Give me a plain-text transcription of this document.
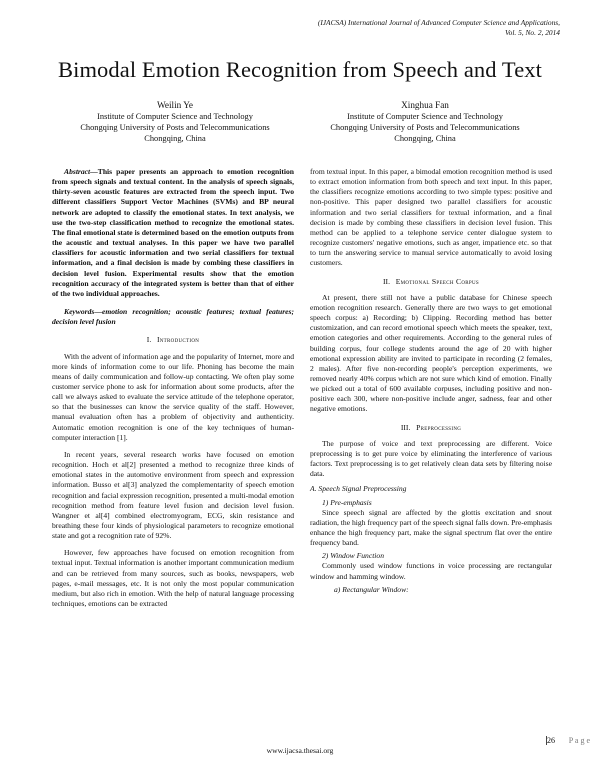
(IJACSA) International Journal of Advanced Computer Science and Applications,
Vol. 5, No. 2, 2014
Bimodal Emotion Recognition from Speech and Text
Weilin Ye
Institute of Computer Science and Technology
Chongqing University of Posts and Telecommunications
Chongqing, China
Xinghua Fan
Institute of Computer Science and Technology
Chongqing University of Posts and Telecommunications
Chongqing, China

Abstract—This paper presents an approach to emotion recognition from speech signals and textual content. In the analysis of speech signals, thirty-seven acoustic features are extracted from the speech input. Two different classifiers Support Vector Machines (SVMs) and BP neural network are adopted to classify the emotional states. In text analysis, we use the two-step classification method to recognize the emotional states. The final emotional state is determined based on the emotion outputs from the acoustic and textual analyses. In this paper we have two parallel classifiers for acoustic information and two serial classifiers for textual information, and a final decision is made by combing these classifiers in decision level fusion. Experimental results show that the emotion recognition accuracy of the integrated system is better than that of either of the two individual approaches.

Keywords—emotion recognition; acoustic features; textual features; decision level fusion

I. Introduction

With the advent of information age and the popularity of Internet, more and more kinds of information come to our life. Phoning has become the main means of daily communication and follow-up contacting. We often play some customer service phone to ask for information about some products, after the call we always asked to evaluate the service attitude of the telephone operator, so that the businesses can know the service quality of the staff. However, manual evaluation often has a problem of objectivity and authenticity. Automatic emotion recognition is one of the key techniques of human-computer interaction [1].

In recent years, several research works have focused on emotion recognition. Hoch et al[2] presented a method to recognize three kinds of emotional states in the automotive environment from speech and expression information. Busso et al[3] analyzed the complementarity of speech emotion recognition and facial expression recognition, presented a multi-modal emotion recognition method from feature level fusion and decision level fusion. Wangner et al[4] combined electromyogram, ECG, skin resistance and breathing these four kinds of physiological parameters to recognize emotional state and got a recognition rate of 92%.

However, few approaches have focused on emotion recognition from textual input. Textual information is another important communication medium and can be retrieved from many sources, such as books, newspapers, web pages, e-mail messages, etc. It is not only the most popular communication medium, but also rich in emotion. With the help of natural language processing techniques, emotions can be extracted

from textual input. In this paper, a bimodal emotion recognition method is used to extract emotion information from both speech and text input. In this paper, the classifiers recognize emotions according to two simple types: positive and non-positive. This paper designed two parallel classifiers for acoustic information and two serial classifiers for textual information, and a final decision is made by combing these classifiers in decision level fusion. This method can be applied to a telephone service center dialogue system to recognize customers' negative emotions, such as anger, impatience etc. so that to turn the answering service to manual service automatically to avoid losing customers.

II. Emotional Speech Corpus

At present, there still not have a public database for Chinese speech emotion recognition research. Generally there are two ways to get emotional speech corpus: a) Recording; b) Clipping. Recording method has better customization, and can record emotional speech which meets the speaker, text, emotion categories and other requirements. According to the general rules of building corpus, four college students around the age of 20 with higher emotional expression ability are invited to participate in recording (2 females, 2 males). After five non-recording people's perception experiments, we removed nearly 40% corpus which are not sure which kind of emotion. Finally we picked out a total of 600 available corpuses, including positive and non-positive each 300, where non-positive include anger, sadness, fear and other negative emotions.

III. Preprocessing

The purpose of voice and text preprocessing are different. Voice preprocessing is to get pure voice by eliminating the interference of various factors. Text preprocessing is to get relatively clean data sets by filtering noise data.

A. Speech Signal Preprocessing

1) Pre-emphasis

Since speech signal are affected by the glottis excitation and snout radiation, the high frequency part of the speech signal falls down. Pre-emphasis enhance the high frequency part, make the signal spectrum flat over the entire frequency band.

2) Window Function

Commonly used window functions in voice processing are rectangular window and hamming window.

a) Rectangular Window:

26	P a g e
www.ijacsa.thesai.org
